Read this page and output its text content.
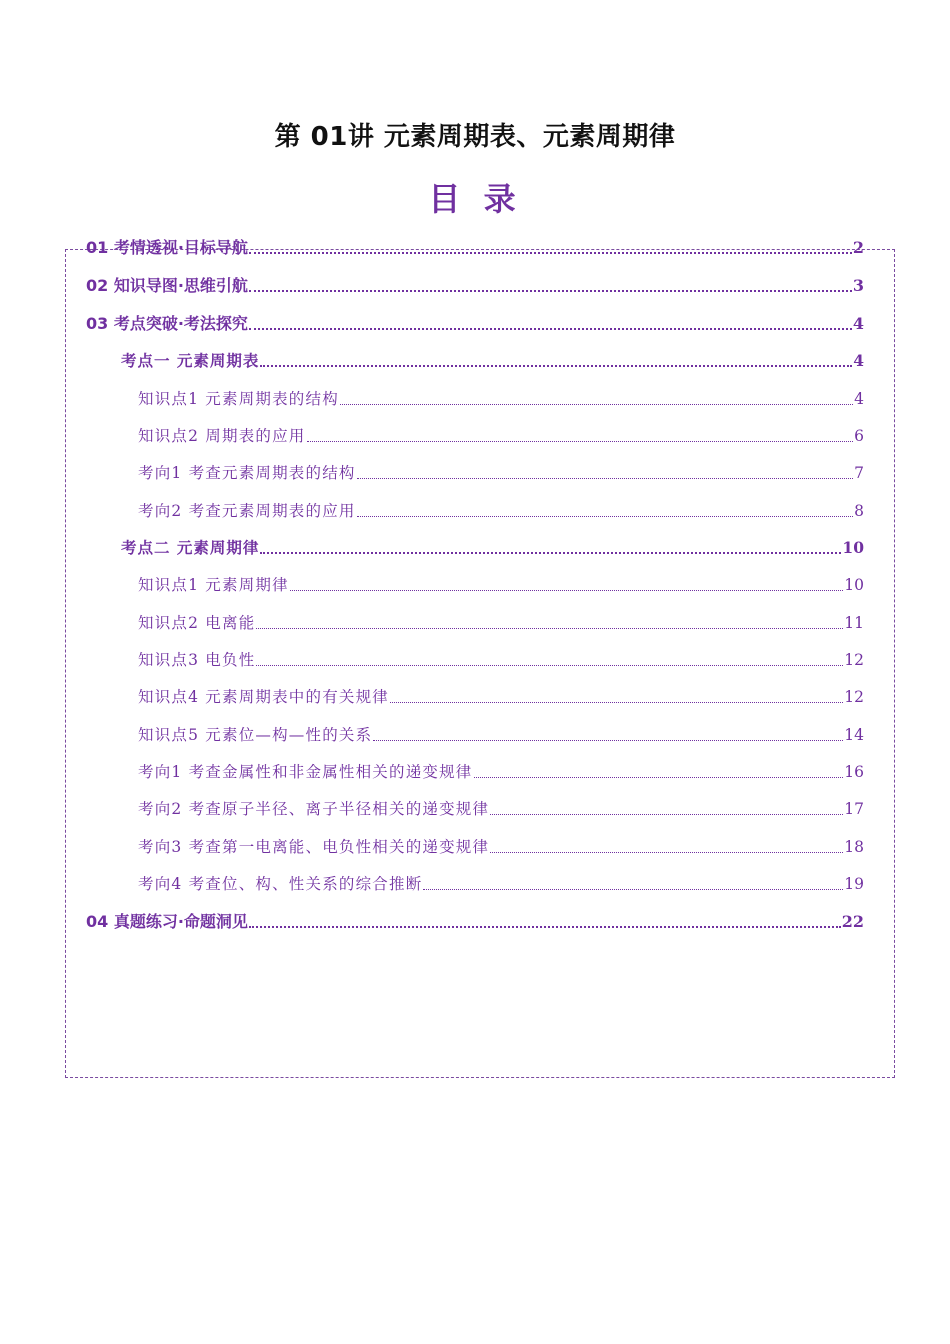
第 01讲 元素周期表、元素周期律
目 录
01 考情透视·目标导航	2
02 知识导图·思维引航	3
03 考点突破·考法探究	4
考点一 元素周期表	4
知识点1 元素周期表的结构	4
知识点2 周期表的应用	6
考向1 考查元素周期表的结构	7
考向2 考查元素周期表的应用	8
考点二 元素周期律	10
知识点1 元素周期律	10
知识点2 电离能	11
知识点3 电负性	12
知识点4 元素周期表中的有关规律	12
知识点5 元素位—构—性的关系	14
考向1 考查金属性和非金属性相关的递变规律	16
考向2 考查原子半径、离子半径相关的递变规律	17
考向3 考查第一电离能、电负性相关的递变规律	18
考向4 考查位、构、性关系的综合推断	19
04 真题练习·命题洞见	22
